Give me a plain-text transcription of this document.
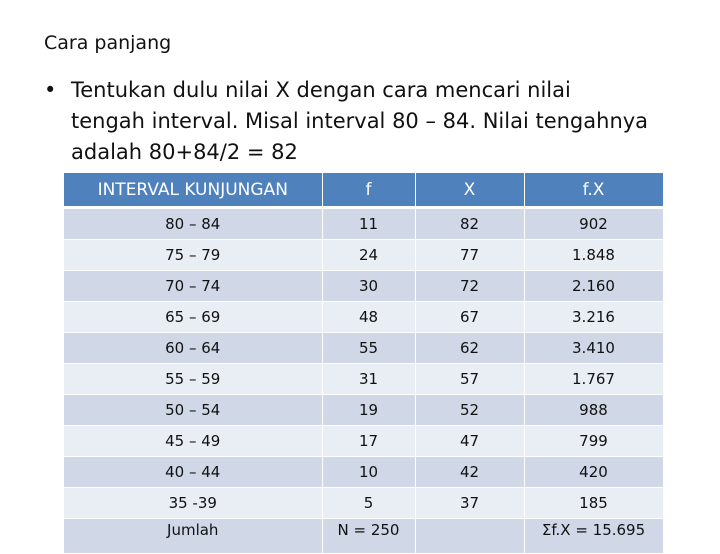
Cara panjang
• Tentukan dulu nilai X dengan cara mencari nilai
tengah interval. Misal interval 80 – 84. Nilai tengahnya
adalah 80+84/2 = 82
INTERVAL KUNJUNGAN	f	X	f.X
80 – 84	11	82	902
75 – 79	24	77	1.848
70 – 74	30	72	2.160
65 – 69	48	67	3.216
60 – 64	55	62	3.410
55 – 59	31	57	1.767
50 – 54	19	52	988
45 – 49	17	47	799
40 – 44	10	42	420
35 -39	5	37	185
Jumlah	N = 250		Σf.X = 15.695
